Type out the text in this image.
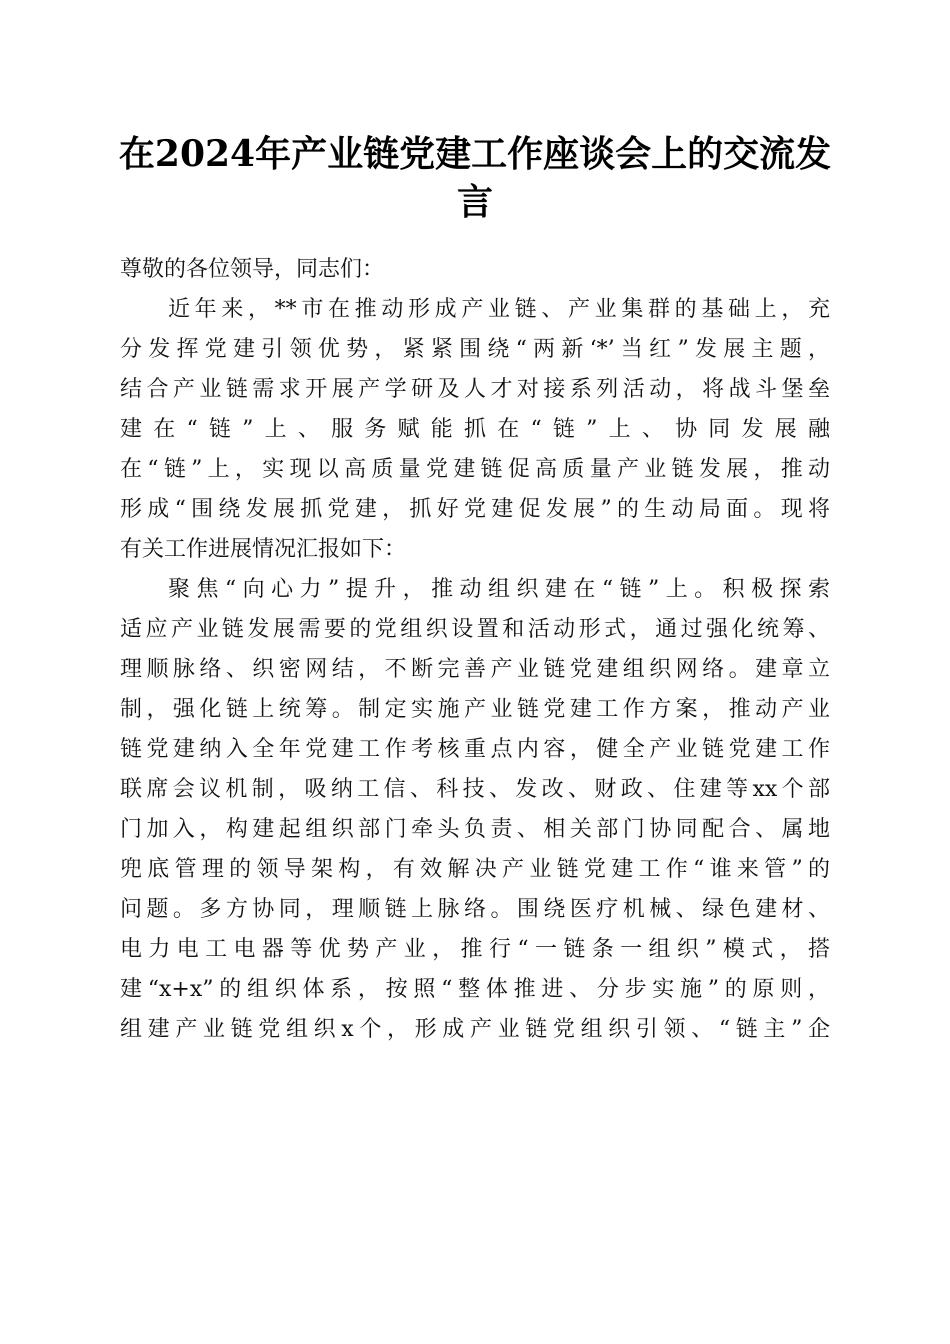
在2024年产业链党建工作座谈会上的交流发
言

尊敬的各位领导，同志们：

近年来，**市在推动形成产业链、产业集群的基础上，充
分发挥党建引领优势，紧紧围绕“两新‘*’当红”发展主题，
结合产业链需求开展产学研及人才对接系列活动，将战斗堡垒
建在“链”上、服务赋能抓在“链”上、协同发展融
在“链”上，实现以高质量党建链促高质量产业链发展，推动
形成“围绕发展抓党建，抓好党建促发展”的生动局面。现将
有关工作进展情况汇报如下：

聚焦“向心力”提升，推动组织建在“链”上。积极探索
适应产业链发展需要的党组织设置和活动形式，通过强化统筹、
理顺脉络、织密网结，不断完善产业链党建组织网络。建章立
制，强化链上统筹。制定实施产业链党建工作方案，推动产业
链党建纳入全年党建工作考核重点内容，健全产业链党建工作
联席会议机制，吸纳工信、科技、发改、财政、住建等xx个部
门加入，构建起组织部门牵头负责、相关部门协同配合、属地
兜底管理的领导架构，有效解决产业链党建工作“谁来管”的
问题。多方协同，理顺链上脉络。围绕医疗机械、绿色建材、
电力电工电器等优势产业，推行“一链条一组织”模式，搭
建“x+x”的组织体系，按照“整体推进、分步实施”的原则，
组建产业链党组织x个，形成产业链党组织引领、“链主”企
